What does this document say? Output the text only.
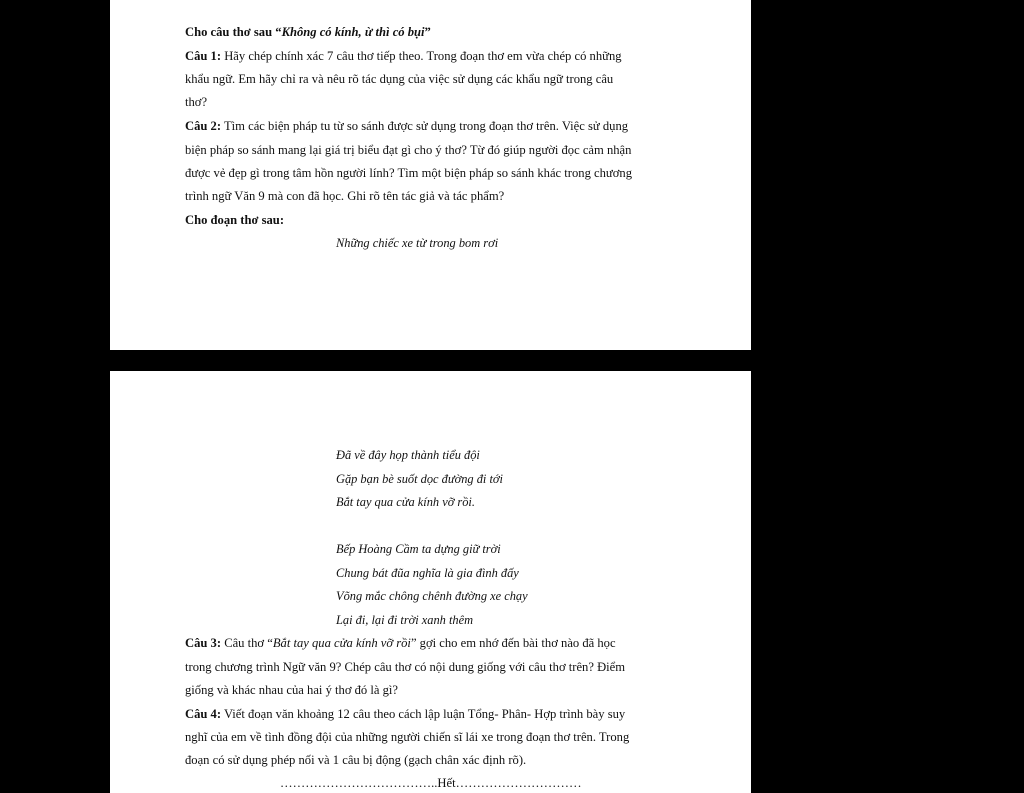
Cho câu thơ sau “Không có kính, ừ thì có bụi”
Câu 1: Hãy chép chính xác 7 câu thơ tiếp theo. Trong đoạn thơ em vừa chép có những
khẩu ngữ. Em hãy chỉ ra và nêu rõ tác dụng của việc sử dụng các khẩu ngữ trong câu
thơ?
Câu 2: Tìm các biện pháp tu từ so sánh được sử dụng trong đoạn thơ trên. Việc sử dụng
biện pháp so sánh mang lại giá trị biểu đạt gì cho ý thơ? Từ đó giúp người đọc cảm nhận
được vẻ đẹp gì trong tâm hồn người lính? Tìm một biện pháp so sánh khác trong chương
trình ngữ Văn 9 mà con đã học. Ghi rõ tên tác giả và tác phẩm?
Cho đoạn thơ sau:
Những chiếc xe từ trong bom rơi
Đã về đây họp thành tiểu đội
Gặp bạn bè suốt dọc đường đi tới
Bắt tay qua cửa kính vỡ rồi.
Bếp Hoàng Cầm ta dựng giữ trời
Chung bát đũa nghĩa là gia đình đấy
Võng mắc chông chênh đường xe chạy
Lại đi, lại đi trời xanh thêm
Câu 3: Câu thơ “Bắt tay qua cửa kính vỡ rồi” gợi cho em nhớ đến bài thơ nào đã học
trong chương trình Ngữ văn 9? Chép câu thơ có nội dung giống với câu thơ trên? Điểm
giống và khác nhau của hai ý thơ đó là gì?
Câu 4: Viết đoạn văn khoảng 12 câu theo cách lập luận Tổng- Phân- Hợp trình bày suy
nghĩ của em về tình đồng đội của những người chiến sĩ lái xe trong đoạn thơ trên. Trong
đoạn có sử dụng phép nối và 1 câu bị động (gạch chân xác định rõ).
………………………………..Hết…………………………
